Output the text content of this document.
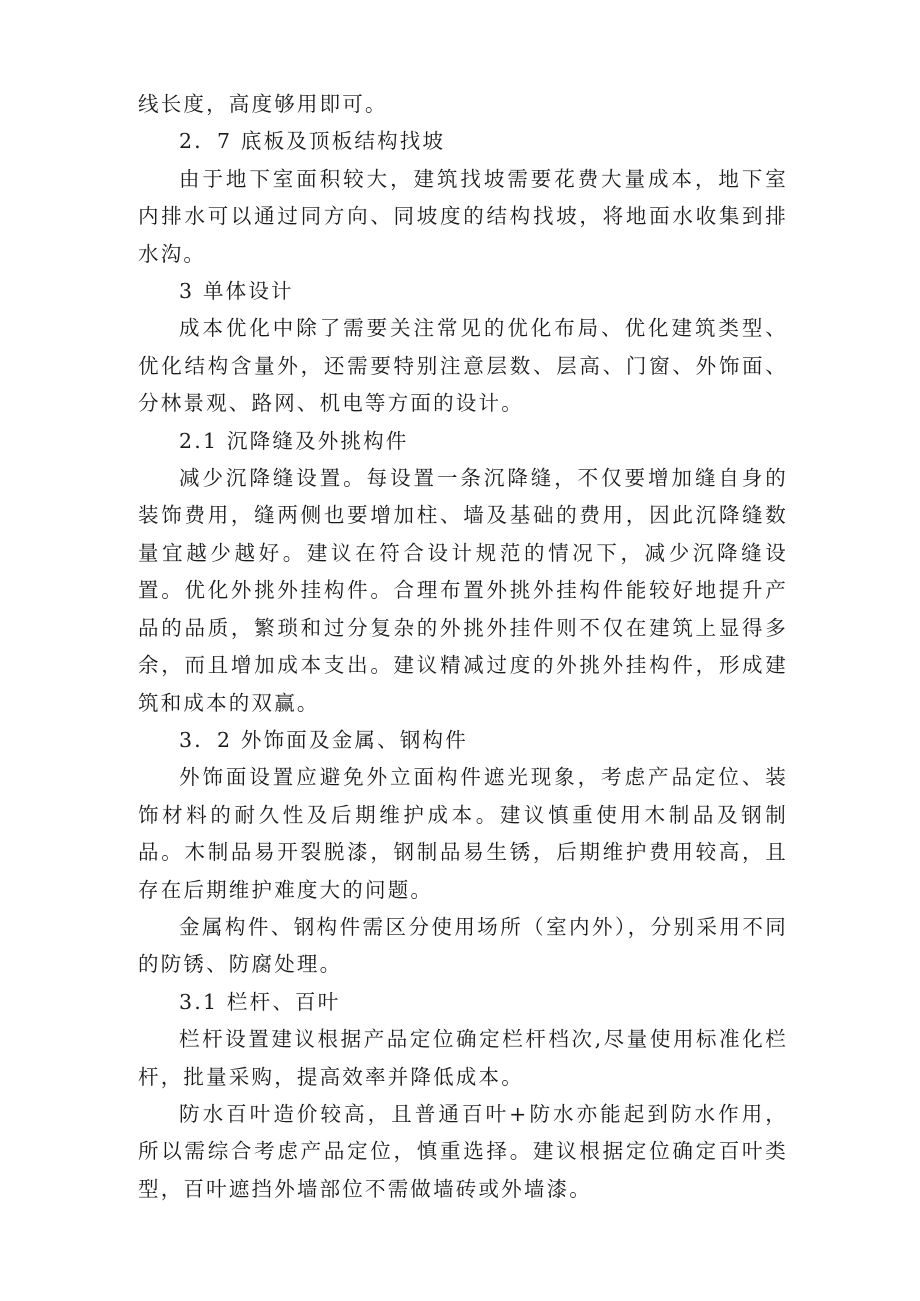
线长度，高度够用即可。

2．7 底板及顶板结构找坡

由于地下室面积较大，建筑找坡需要花费大量成本，地下室内排水可以通过同方向、同坡度的结构找坡，将地面水收集到排水沟。

3 单体设计

成本优化中除了需要关注常见的优化布局、优化建筑类型、优化结构含量外，还需要特别注意层数、层高、门窗、外饰面、分林景观、路网、机电等方面的设计。

2.1 沉降缝及外挑构件

减少沉降缝设置。每设置一条沉降缝，不仅要增加缝自身的装饰费用，缝两侧也要增加柱、墙及基础的费用，因此沉降缝数量宜越少越好。建议在符合设计规范的情况下，减少沉降缝设置。优化外挑外挂构件。合理布置外挑外挂构件能较好地提升产品的品质，繁琐和过分复杂的外挑外挂件则不仅在建筑上显得多余，而且增加成本支出。建议精减过度的外挑外挂构件，形成建筑和成本的双赢。

3．2 外饰面及金属、钢构件

外饰面设置应避免外立面构件遮光现象，考虑产品定位、装饰材料的耐久性及后期维护成本。建议慎重使用木制品及钢制品。木制品易开裂脱漆，钢制品易生锈，后期维护费用较高，且存在后期维护难度大的问题。

金属构件、钢构件需区分使用场所（室内外），分别采用不同的防锈、防腐处理。

3.1 栏杆、百叶

栏杆设置建议根据产品定位确定栏杆档次,尽量使用标准化栏杆，批量采购，提高效率并降低成本。

防水百叶造价较高，且普通百叶+防水亦能起到防水作用，所以需综合考虑产品定位，慎重选择。建议根据定位确定百叶类型，百叶遮挡外墙部位不需做墙砖或外墙漆。
